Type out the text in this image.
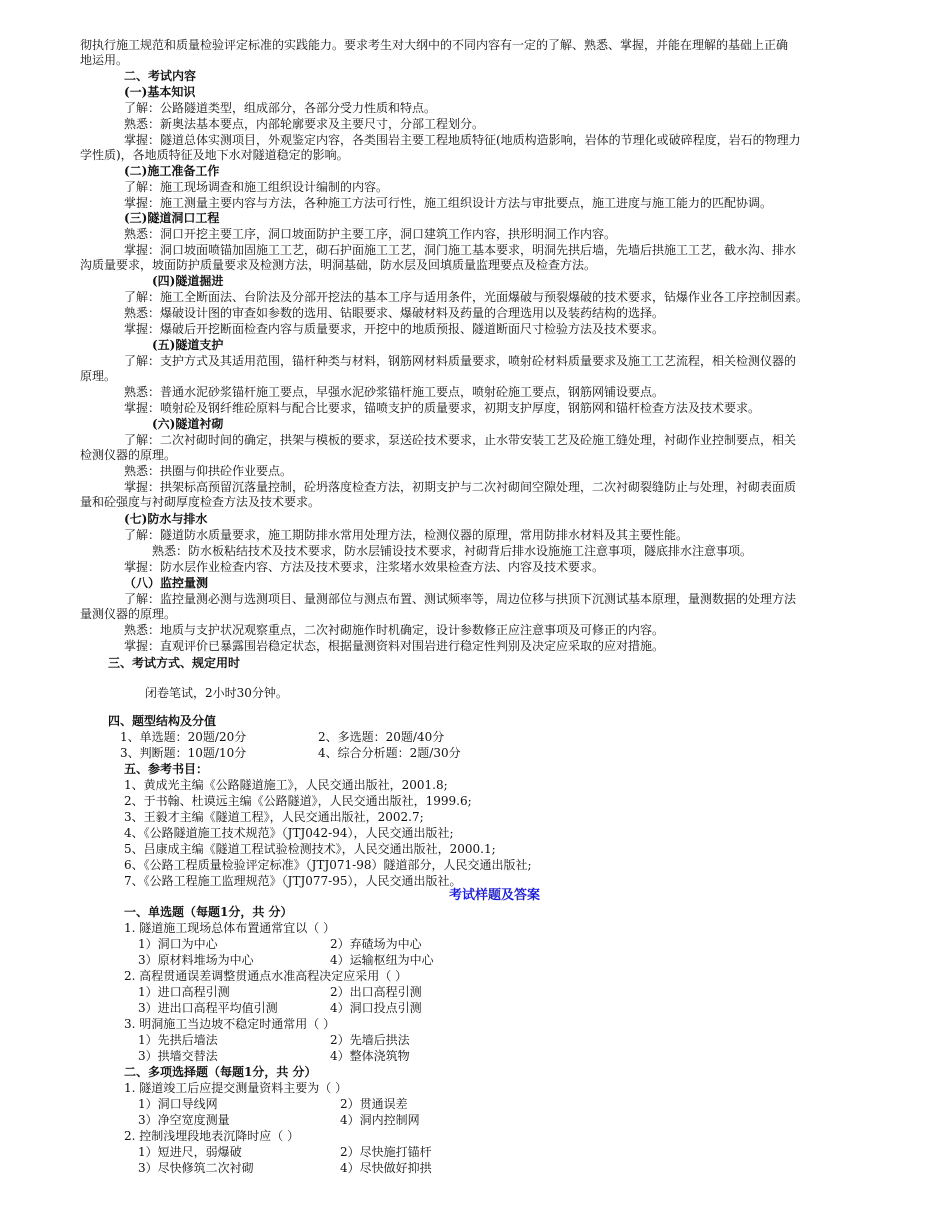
彻执行施工规范和质量检验评定标准的实践能力。要求考生对大纲中的不同内容有一定的了解、熟悉、掌握，并能在理解的基础上正确
地运用。
二、考试内容
(一)基本知识
了解：公路隧道类型，组成部分，各部分受力性质和特点。
熟悉：新奥法基本要点，内部轮廓要求及主要尺寸，分部工程划分。
掌握：隧道总体实测项目，外观鉴定内容，各类围岩主要工程地质特征(地质构造影响，岩体的节理化或破碎程度，岩石的物理力
学性质)，各地质特征及地下水对隧道稳定的影响。
(二)施工准备工作
了解：施工现场调查和施工组织设计编制的内容。
掌握：施工测量主要内容与方法，各种施工方法可行性，施工组织设计方法与审批要点，施工进度与施工能力的匹配协调。
(三)隧道洞口工程
熟悉：洞口开挖主要工序，洞口坡面防护主要工序，洞口建筑工作内容，拱形明洞工作内容。
掌握：洞口坡面喷锚加固施工工艺，砌石护面施工工艺，洞门施工基本要求，明洞先拱后墙，先墙后拱施工工艺，截水沟、排水
沟质量要求，坡面防护质量要求及检测方法，明洞基础，防水层及回填质量监理要点及检查方法。
(四)隧道掘进
了解：施工全断面法、台阶法及分部开挖法的基本工序与适用条件，光面爆破与预裂爆破的技术要求，钻爆作业各工序控制因素。
熟悉：爆破设计图的审查如参数的选用、钻眼要求、爆破材料及药量的合理选用以及装药结构的选择。
掌握：爆破后开挖断面检查内容与质量要求，开挖中的地质预报、隧道断面尺寸检验方法及技术要求。
(五)隧道支护
了解：支护方式及其适用范围，锚杆种类与材料，钢筋网材料质量要求，喷射砼材料质量要求及施工工艺流程，相关检测仪器的
原理。
熟悉：普通水泥砂浆锚杆施工要点，早强水泥砂浆锚杆施工要点，喷射砼施工要点，钢筋网铺设要点。
掌握：喷射砼及钢纤维砼原料与配合比要求，锚喷支护的质量要求，初期支护厚度，钢筋网和锚杆检查方法及技术要求。
(六)隧道衬砌
了解：二次衬砌时间的确定，拱架与模板的要求，泵送砼技术要求，止水带安装工艺及砼施工缝处理，衬砌作业控制要点，相关
检测仪器的原理。
熟悉：拱圈与仰拱砼作业要点。
掌握：拱架标高预留沉落量控制，砼坍落度检查方法，初期支护与二次衬砌间空隙处理，二次衬砌裂缝防止与处理，衬砌表面质
量和砼强度与衬砌厚度检查方法及技术要求。
(七)防水与排水
了解：隧道防水质量要求，施工期防排水常用处理方法，检测仪器的原理，常用防排水材料及其主要性能。
熟悉：防水板粘结技术及技术要求，防水层铺设技术要求，衬砌背后排水设施施工注意事项，隧底排水注意事项。
掌握：防水层作业检查内容、方法及技术要求，注浆堵水效果检查方法、内容及技术要求。
（八）监控量测
了解：监控量测必测与选测项目、量测部位与测点布置、测试频率等，周边位移与拱顶下沉测试基本原理，量测数据的处理方法
量测仪器的原理。
熟悉：地质与支护状况观察重点，二次衬砌施作时机确定，设计参数修正应注意事项及可修正的内容。
掌握：直观评价已暴露围岩稳定状态，根据量测资料对围岩进行稳定性判别及决定应采取的应对措施。
三、考试方式、规定用时
闭卷笔试，2小时30分钟。
四、题型结构及分值
1、单选题：20题/20分	2、多选题：20题/40分
3、判断题：10题/10分	4、综合分析题：2题/30分
五、参考书目：
1、黄成光主编《公路隧道施工》，人民交通出版社，2001.8;
2、于书翰、杜谟远主编《公路隧道》，人民交通出版社，1999.6;
3、王毅才主编《隧道工程》，人民交通出版社，2002.7;
4、《公路隧道施工技术规范》（JTJ042-94），人民交通出版社;
5、吕康成主编《隧道工程试验检测技术》，人民交通出版社，2000.1;
6、《公路工程质量检验评定标准》（JTJ071-98）隧道部分，人民交通出版社;
7、《公路工程施工监理规范》（JTJ077-95），人民交通出版社。
考试样题及答案
一、单选题（每题1分，共 分）
1. 隧道施工现场总体布置通常宜以（ ）
1）洞口为中心	2）弃碴场为中心
3）原材料堆场为中心	4）运输枢纽为中心
2. 高程贯通误差调整贯通点水准高程决定应采用（ ）
1）进口高程引测	2）出口高程引测
3）进出口高程平均值引测	4）洞口投点引测
3. 明洞施工当边坡不稳定时通常用（ ）
1）先拱后墙法	2）先墙后拱法
3）拱墙交替法	4）整体浇筑物
二、多项选择题（每题1分，共 分）
1. 隧道竣工后应提交测量资料主要为（ ）
1）洞口导线网	2）贯通误差
3）净空宽度测量	4）洞内控制网
2. 控制浅埋段地表沉降时应（ ）
1）短进尺，弱爆破	2）尽快施打锚杆
3）尽快修筑二次衬砌	4）尽快做好抑拱
